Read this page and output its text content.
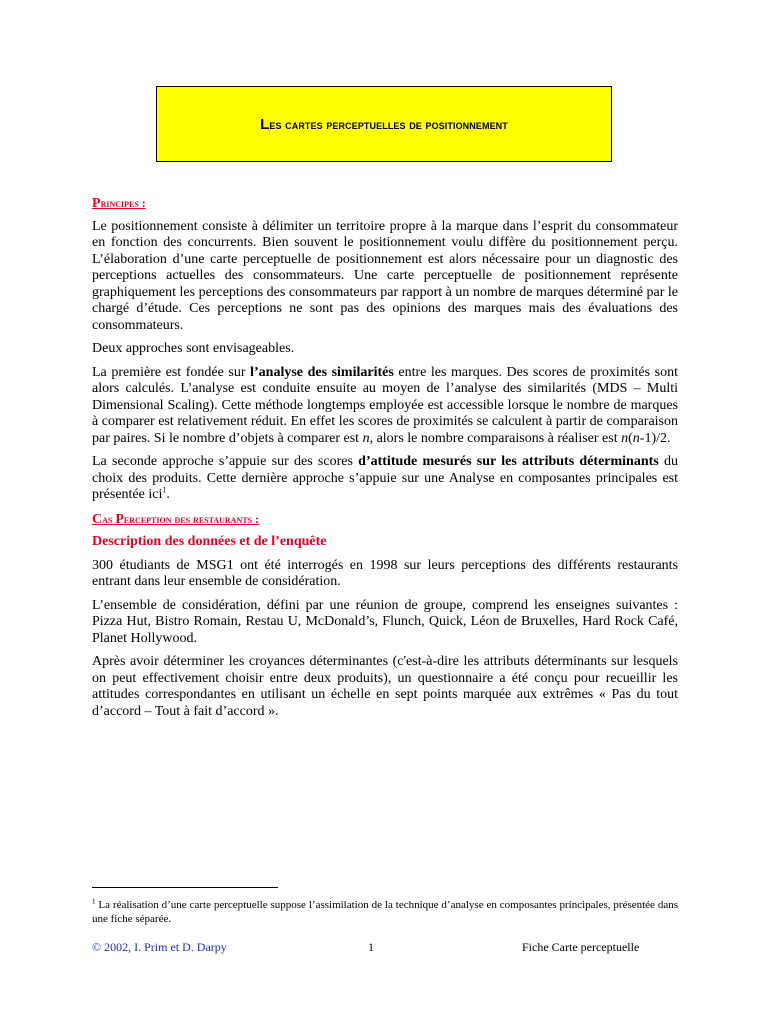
Les cartes perceptuelles de positionnement
Principes :

Le positionnement consiste à délimiter un territoire propre à la marque dans l’esprit du consommateur en fonction des concurrents. Bien souvent le positionnement voulu diffère du positionnement perçu. L’élaboration d’une carte perceptuelle de positionnement est alors nécessaire pour un diagnostic des perceptions actuelles des consommateurs. Une carte perceptuelle de positionnement représente graphiquement les perceptions des consommateurs par rapport à un nombre de marques déterminé par le chargé d’étude. Ces perceptions ne sont pas des opinions des marques mais des évaluations des consommateurs.

Deux approches sont envisageables.

La première est fondée sur l’analyse des similarités entre les marques. Des scores de proximités sont alors calculés. L’analyse est conduite ensuite au moyen de l’analyse des similarités (MDS – Multi Dimensional Scaling). Cette méthode longtemps employée est accessible lorsque le nombre de marques à comparer est relativement réduit. En effet les scores de proximités se calculent à partir de comparaison par paires. Si le nombre d’objets à comparer est n, alors le nombre comparaisons à réaliser est n(n-1)/2.

La seconde approche s’appuie sur des scores d’attitude mesurés sur les attributs déterminants du choix des produits. Cette dernière approche s’appuie sur une Analyse en composantes principales est présentée ici$^1$.

Cas Perception des restaurants :
Description des données et de l’enquête

300 étudiants de MSG1 ont été interrogés en 1998 sur leurs perceptions des différents restaurants entrant dans leur ensemble de considération.

L’ensemble de considération, défini par une réunion de groupe, comprend les enseignes suivantes : Pizza Hut, Bistro Romain, Restau U, McDonald’s, Flunch, Quick, Léon de Bruxelles, Hard Rock Café, Planet Hollywood.

Après avoir déterminer les croyances déterminantes (c'est-à-dire les attributs déterminants sur lesquels on peut effectivement choisir entre deux produits), un questionnaire a été conçu pour recueillir les attitudes correspondantes en utilisant un échelle en sept points marquée aux extrêmes « Pas du tout d’accord – Tout à fait d’accord ».

$^1$ La réalisation d’une carte perceptuelle suppose l’assimilation de la technique d’analyse en composantes principales, présentée dans une fiche séparée.
© 2002, I. Prim et D. Darpy	1	Fiche Carte perceptuelle
